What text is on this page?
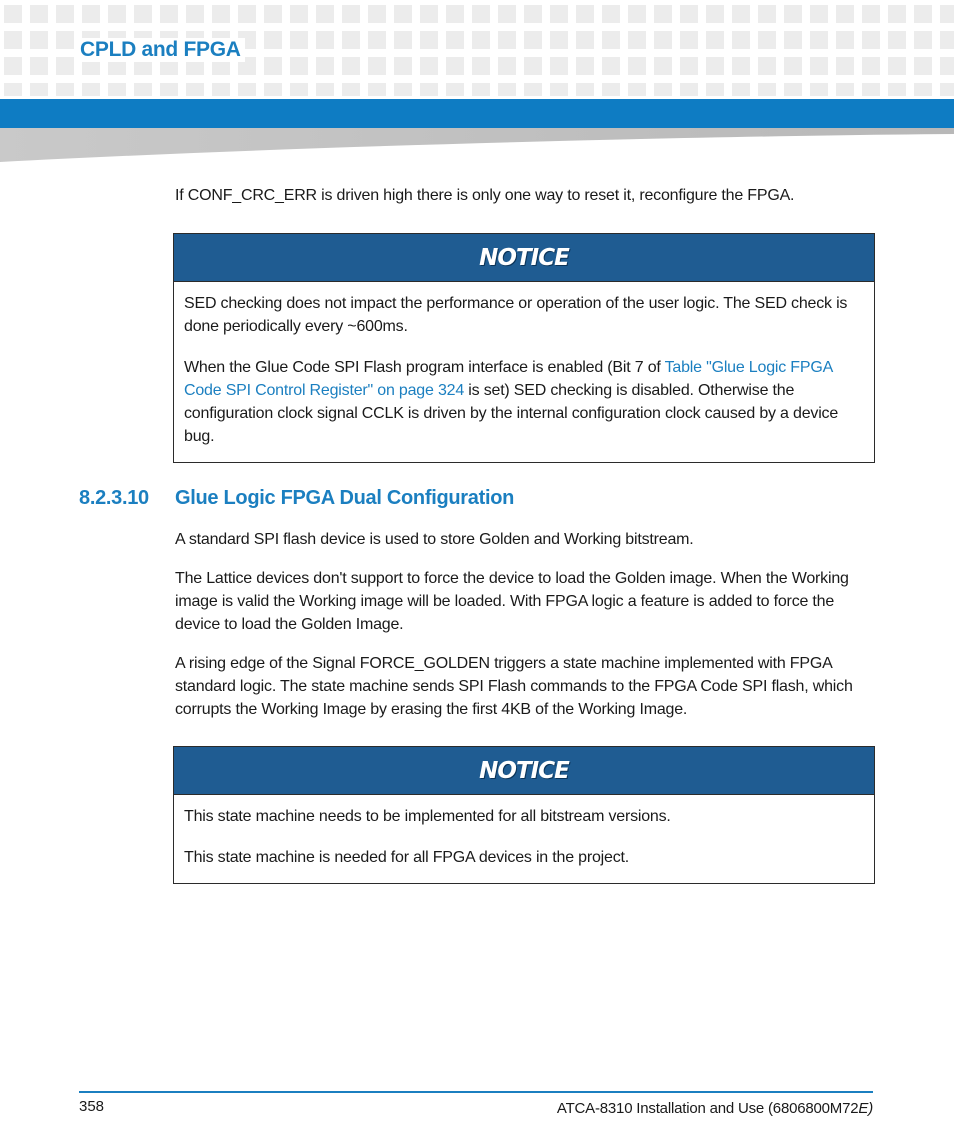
CPLD and FPGA
If CONF_CRC_ERR is driven high there is only one way to reset it, reconfigure the FPGA.
NOTICE

SED checking does not impact the performance or operation of the user logic. The SED check is done periodically every ~600ms.

When the Glue Code SPI Flash program interface is enabled (Bit 7 of Table "Glue Logic FPGA Code SPI Control Register" on page 324 is set) SED checking is disabled. Otherwise the configuration clock signal CCLK is driven by the internal configuration clock caused by a device bug.

8.2.3.10 Glue Logic FPGA Dual Configuration
A standard SPI flash device is used to store Golden and Working bitstream.
The Lattice devices don't support to force the device to load the Golden image. When the Working image is valid the Working image will be loaded. With FPGA logic a feature is added to force the device to load the Golden Image.
A rising edge of the Signal FORCE_GOLDEN triggers a state machine implemented with FPGA standard logic. The state machine sends SPI Flash commands to the FPGA Code SPI flash, which corrupts the Working Image by erasing the first 4KB of the Working Image.
NOTICE

This state machine needs to be implemented for all bitstream versions.

This state machine is needed for all FPGA devices in the project.

358	ATCA-8310 Installation and Use (6806800M72E)
